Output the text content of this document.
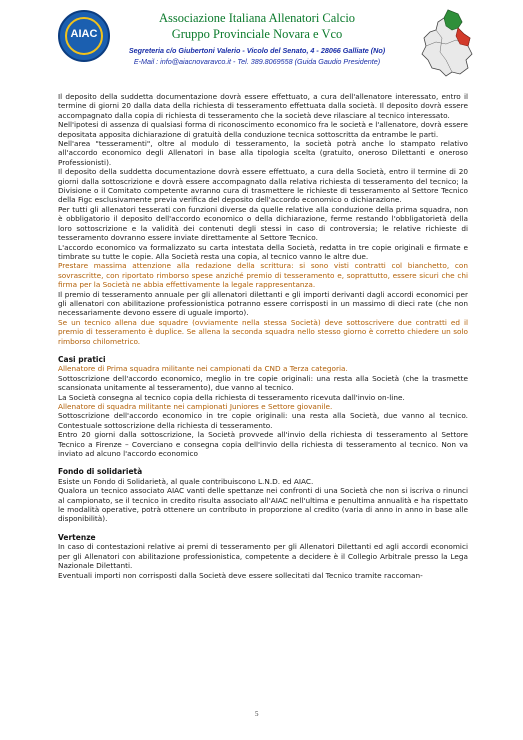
AIAC
Associazione Italiana Allenatori Calcio
Gruppo Provinciale Novara e Vco
Segreteria c/o Giubertoni Valerio - Vicolo del Senato, 4 - 28066 Galliate (No)
E-Mail : info@aiacnovaravco.it - Tel. 389.8069558 (Guida Gaudio Presidente)

Il deposito della suddetta documentazione dovrà essere effettuato, a cura dell'allenatore interessato, entro il termine di giorni 20 dalla data della richiesta di tesseramento effettuata dalla società. Il deposito dovrà essere accompagnato dalla copia di richiesta di tesseramento che la società deve rilasciare al tecnico interessato.

Nell'ipotesi di assenza di qualsiasi forma di riconoscimento economico fra le società e l'allenatore, dovrà essere depositata apposita dichiarazione di gratuità della conduzione tecnica sottoscritta da entrambe le parti.

Nell'area "tesseramenti", oltre al modulo di tesseramento, la società potrà anche lo stampato relativo all'accordo economico degli Allenatori in base alla tipologia scelta (gratuito, oneroso Dilettanti e oneroso Professionisti).

Il deposito della suddetta documentazione dovrà essere effettuato, a cura della Società, entro il termine di 20 giorni dalla sottoscrizione e dovrà essere accompagnato dalla relativa richiesta di tesseramento del tecnico; la Divisione o il Comitato competente avranno cura di trasmettere le richieste di tesseramento al Settore Tecnico della Figc esclusivamente previa verifica del deposito dell'accordo economico o dichiarazione.

Per tutti gli allenatori tesserati con funzioni diverse da quelle relative alla conduzione della prima squadra, non è obbligatorio il deposito dell'accordo economico o della dichiarazione, ferme restando l'obbligatorietà della loro sottoscrizione e la validità dei contenuti degli stessi in caso di controversia; le relative richieste di tesseramento dovranno essere inviate direttamente al Settore Tecnico.

L'accordo economico va formalizzato su carta intestata della Società, redatta in tre copie originali e firmate e timbrate su tutte le copie. Alla Società resta una copia, al tecnico vanno le altre due.

Prestare massima attenzione alla redazione della scrittura: si sono visti contratti col bianchetto, con sovrascritte, con riportato rimborso spese anziché premio di tesseramento e, soprattutto, essere sicuri che chi firma per la Società ne abbia effettivamente la legale rappresentanza.

Il premio di tesseramento annuale per gli allenatori dilettanti e gli importi derivanti dagli accordi economici per gli allenatori con abilitazione professionistica potranno essere corrisposti in un massimo di dieci rate (che non necessariamente devono essere di uguale importo).

Se un tecnico allena due squadre (ovviamente nella stessa Società) deve sottoscrivere due contratti ed il premio di tesseramento è duplice. Se allena la seconda squadra nello stesso giorno è corretto chiedere un solo rimborso chilometrico.

Casi pratici

Allenatore di Prima squadra militante nei campionati da CND a Terza categoria.

Sottoscrizione dell'accordo economico, meglio in tre copie originali: una resta alla Società (che la trasmette scansionata unitamente al tesseramento), due vanno al tecnico.

La Società consegna al tecnico copia della richiesta di tesseramento ricevuta dall'invio on-line.

Allenatore di squadra militante nei campionati Juniores e Settore giovanile.

Sottoscrizione dell'accordo economico in tre copie originali: una resta alla Società, due vanno al tecnico. Contestuale sottoscrizione della richiesta di tesseramento.

Entro 20 giorni dalla sottoscrizione, la Società provvede all'invio della richiesta di tesseramento al Settore Tecnico a Firenze – Coverciano e consegna copia dell'invio della richiesta di tesseramento al tecnico. Non va inviato ad alcuno l'accordo economico

Fondo di solidarietà

Esiste un Fondo di Solidarietà, al quale contribuiscono L.N.D. ed AIAC.

Qualora un tecnico associato AIAC vanti delle spettanze nei confronti di una Società che non si iscriva o rinunci al campionato, se il tecnico in credito risulta associato all'AIAC nell'ultima e penultima annualità e ha rispettato le modalità operative, potrà ottenere un contributo in proporzione al credito (varia di anno in anno in base alle disponibilità).

Vertenze

In caso di contestazioni relative ai premi di tesseramento per gli Allenatori Dilettanti ed agli accordi economici per gli Allenatori con abilitazione professionistica, competente a decidere è il Collegio Arbitrale presso la Lega Nazionale Dilettanti.

Eventuali importi non corrisposti dalla Società deve essere sollecitati dal Tecnico tramite raccoman-

5
